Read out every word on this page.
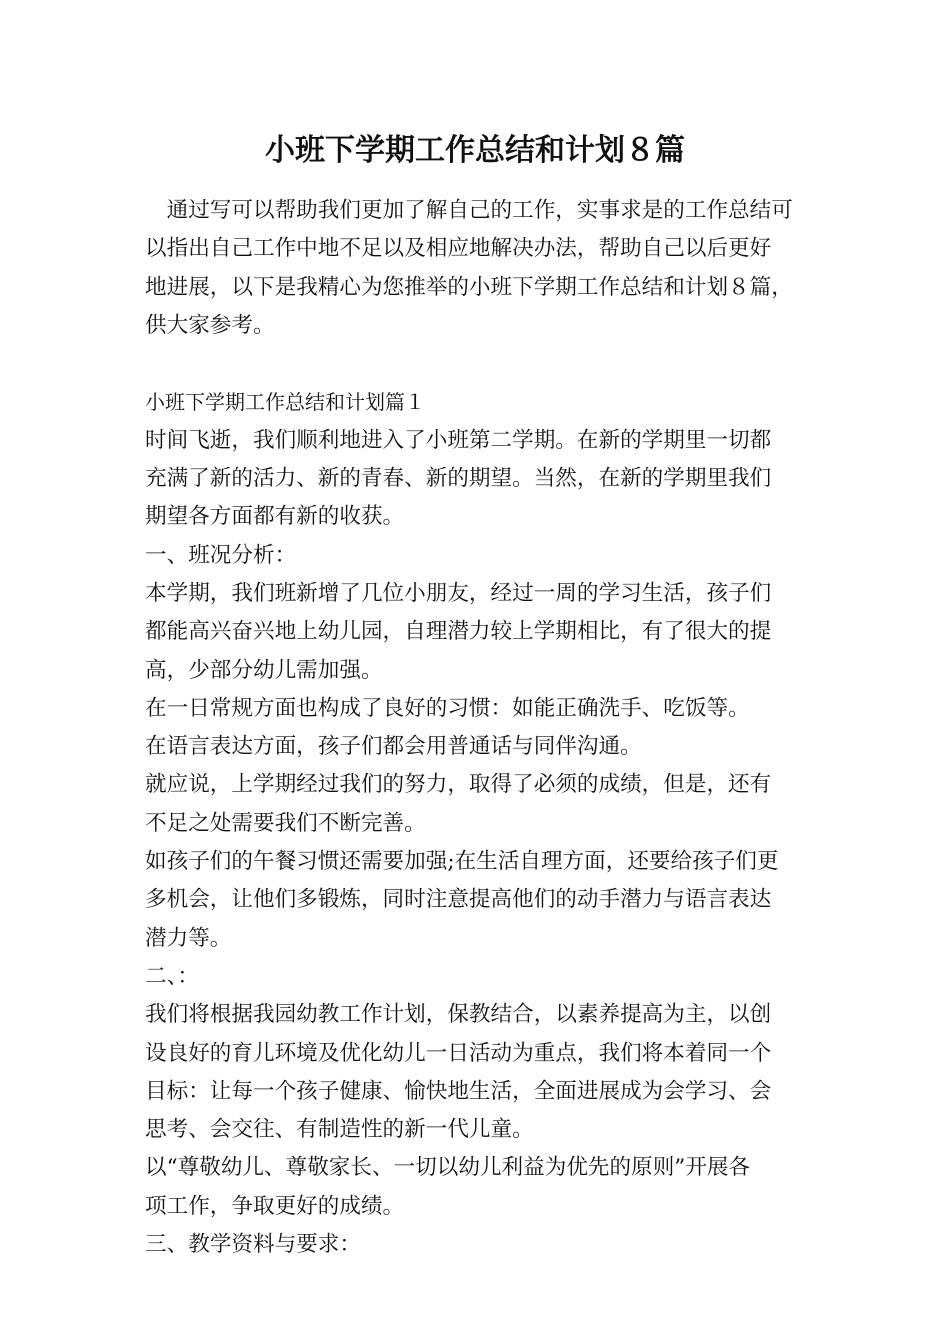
小班下学期工作总结和计划８篇
　通过写可以帮助我们更加了解自己的工作，实事求是的工作总结可
以指出自己工作中地不足以及相应地解决办法，帮助自己以后更好
地进展，以下是我精心为您推举的小班下学期工作总结和计划８篇，
供大家参考。
小班下学期工作总结和计划篇１
时间飞逝，我们顺利地进入了小班第二学期。在新的学期里一切都
充满了新的活力、新的青春、新的期望。当然，在新的学期里我们
期望各方面都有新的收获。
一、班况分析：
本学期，我们班新增了几位小朋友，经过一周的学习生活，孩子们
都能高兴奋兴地上幼儿园，自理潜力较上学期相比，有了很大的提
高，少部分幼儿需加强。
在一日常规方面也构成了良好的习惯：如能正确洗手、吃饭等。
在语言表达方面，孩子们都会用普通话与同伴沟通。
就应说，上学期经过我们的努力，取得了必须的成绩，但是，还有
不足之处需要我们不断完善。
如孩子们的午餐习惯还需要加强;在生活自理方面，还要给孩子们更
多机会，让他们多锻炼，同时注意提高他们的动手潜力与语言表达
潜力等。
二、：
我们将根据我园幼教工作计划，保教结合，以素养提高为主，以创
设良好的育儿环境及优化幼儿一日活动为重点，我们将本着同一个
目标：让每一个孩子健康、愉快地生活，全面进展成为会学习、会
思考、会交往、有制造性的新一代儿童。
以“尊敬幼儿、尊敬家长、一切以幼儿利益为优先的原则”开展各
项工作，争取更好的成绩。
三、教学资料与要求：
